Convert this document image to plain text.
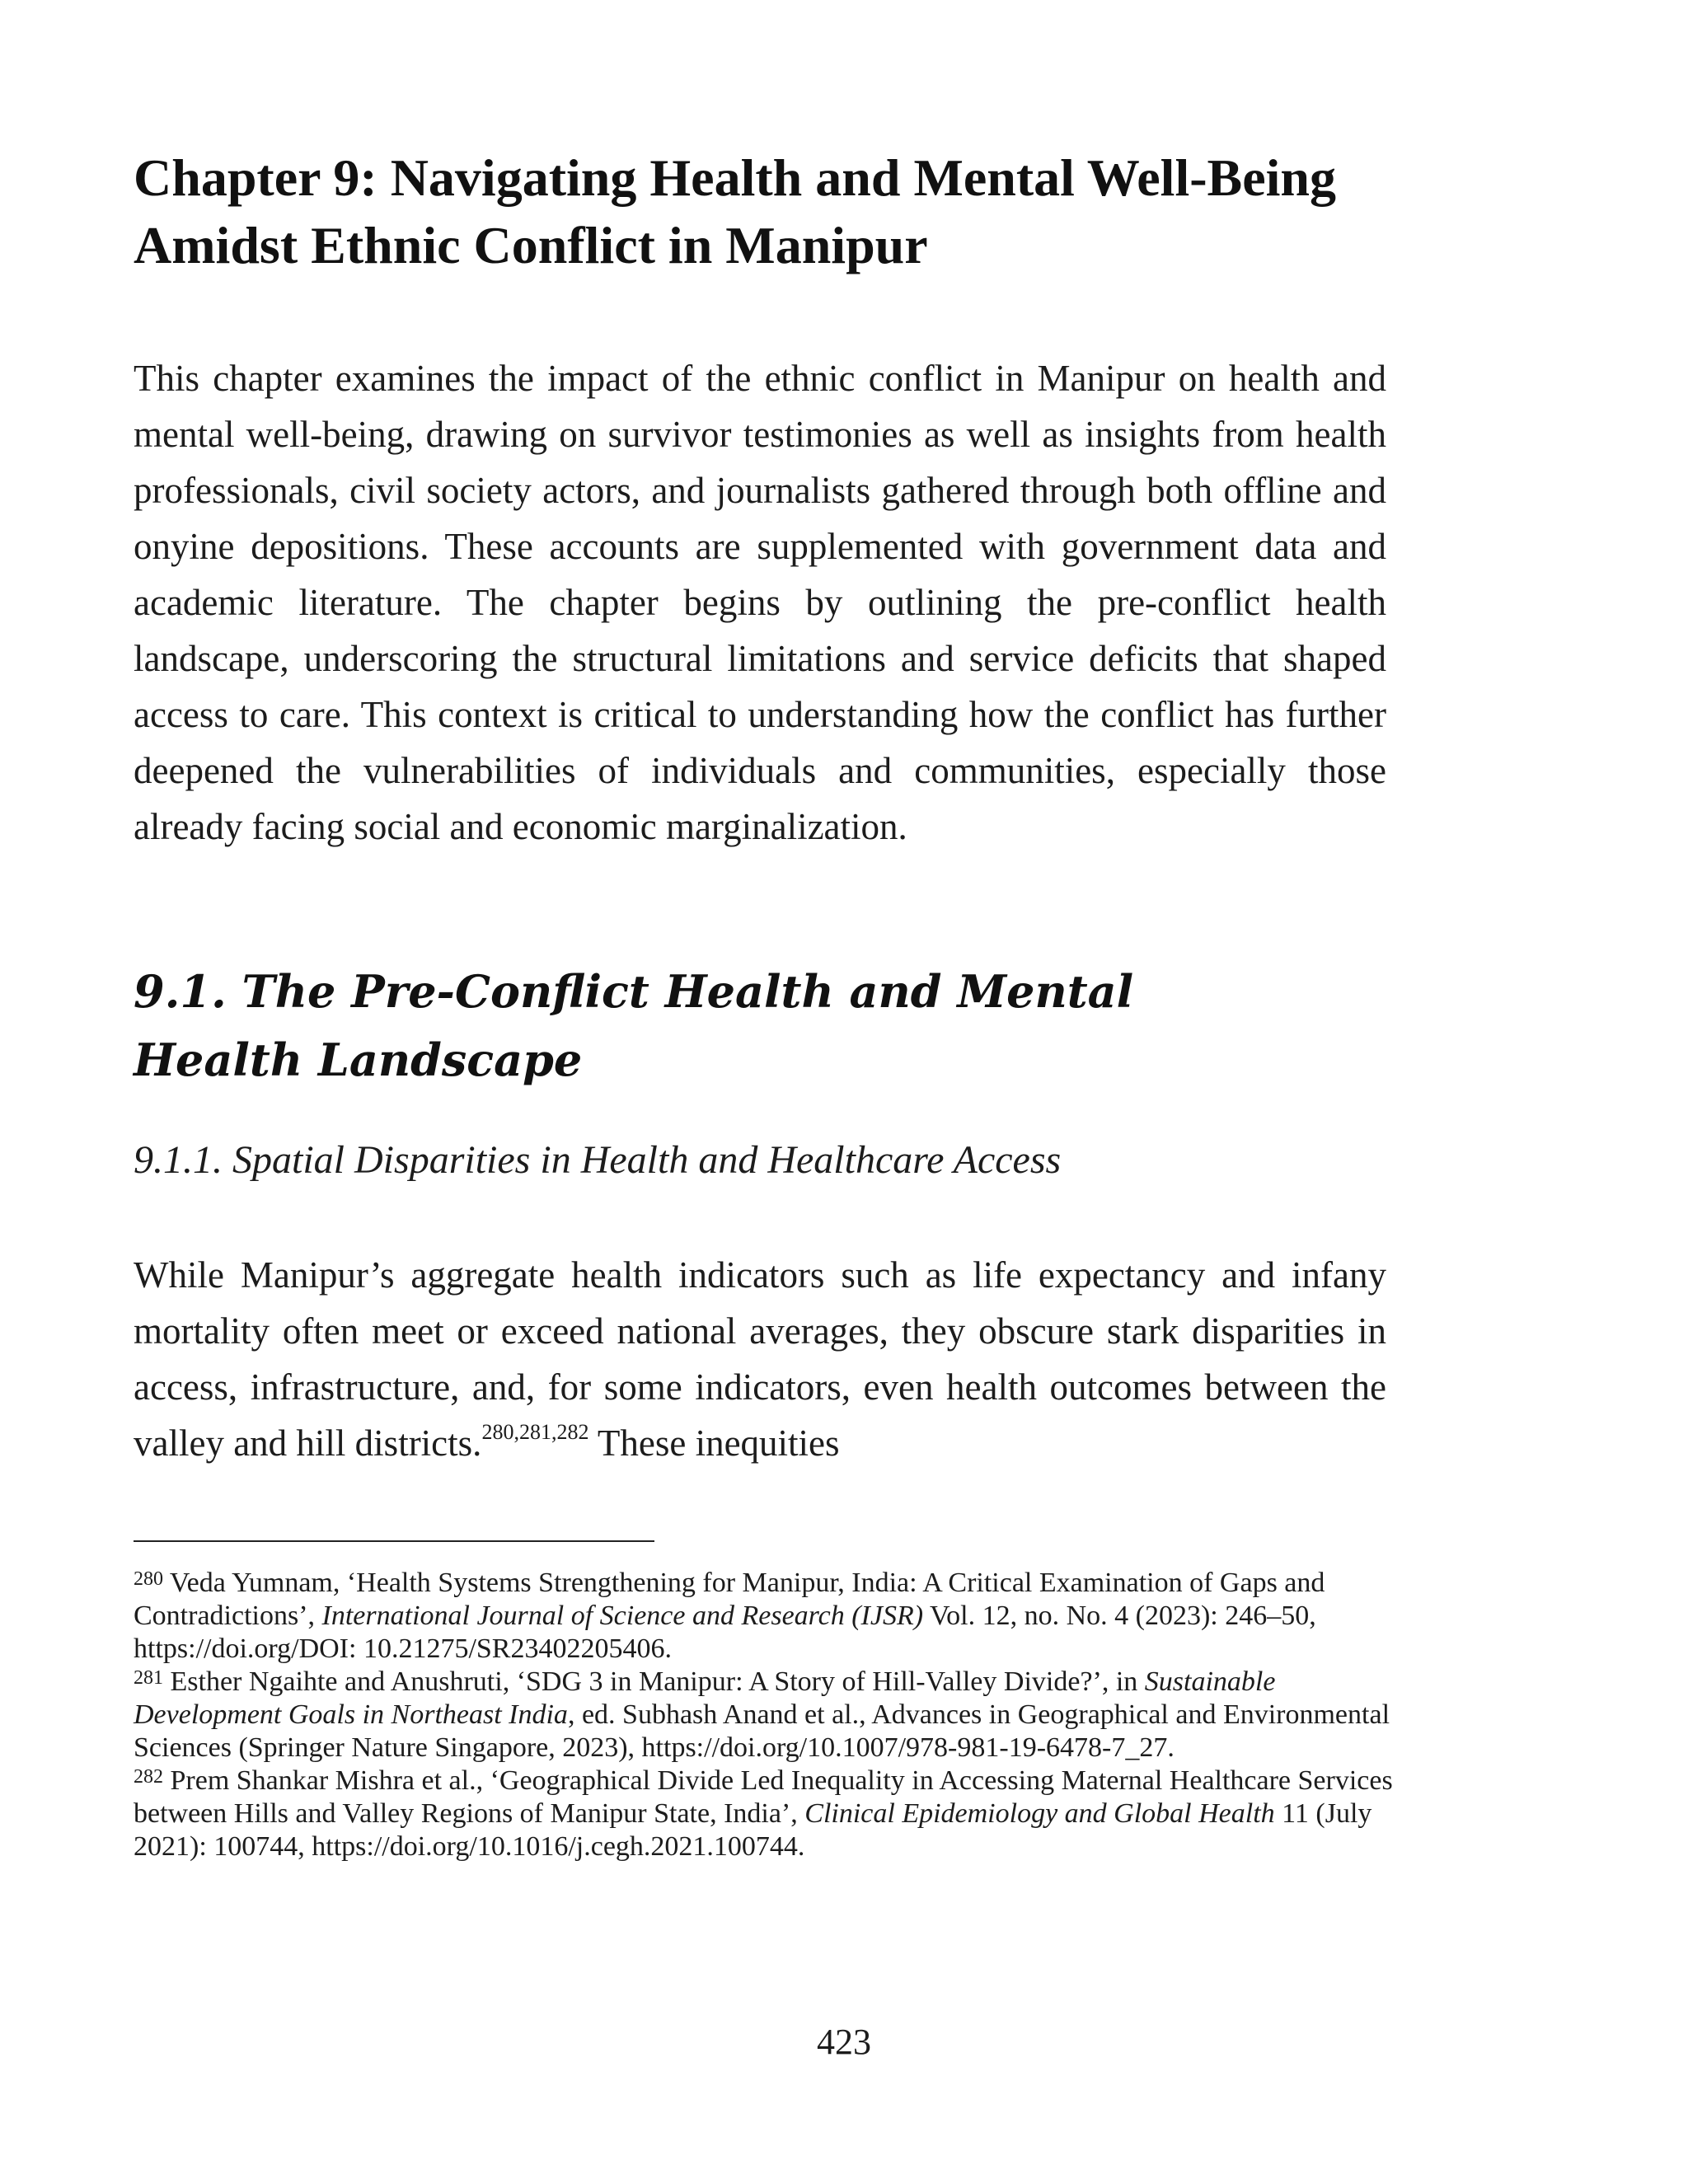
Chapter 9: Navigating Health and Mental Well-Being Amidst Ethnic Conflict in Manipur

This chapter examines the impact of the ethnic conflict in Manipur on health and mental well-being, drawing on survivor testimonies as well as insights from health professionals, civil society actors, and journalists gathered through both offline and onyine depositions. These accounts are supplemented with government data and academic literature. The chapter begins by outlining the pre-conflict health landscape, underscoring the structural limitations and service deficits that shaped access to care. This context is critical to understanding how the conflict has further deepened the vulnerabilities of individuals and communities, especially those already facing social and economic marginalization.

9.1. The Pre-Conflict Health and Mental Health Landscape
9.1.1. Spatial Disparities in Health and Healthcare Access

While Manipur’s aggregate health indicators such as life expectancy and infany mortality often meet or exceed national averages, they obscure stark disparities in access, infrastructure, and, for some indicators, even health outcomes between the valley and hill districts.$^{280,281,282}$ These inequities

$^{280}$ Veda Yumnam, ‘Health Systems Strengthening for Manipur, India: A Critical Examination of Gaps and Contradictions’, International Journal of Science and Research (IJSR) Vol. 12, no. No. 4 (2023): 246–50, https://doi.org/DOI: 10.21275/SR23402205406.

$^{281}$ Esther Ngaihte and Anushruti, ‘SDG 3 in Manipur: A Story of Hill-Valley Divide?’, in Sustainable Development Goals in Northeast India, ed. Subhash Anand et al., Advances in Geographical and Environmental Sciences (Springer Nature Singapore, 2023), https://doi.org/10.1007/978-981-19-6478-7_27.

$^{282}$ Prem Shankar Mishra et al., ‘Geographical Divide Led Inequality in Accessing Maternal Healthcare Services between Hills and Valley Regions of Manipur State, India’, Clinical Epidemiology and Global Health 11 (July 2021): 100744, https://doi.org/10.1016/j.cegh.2021.100744.

423
